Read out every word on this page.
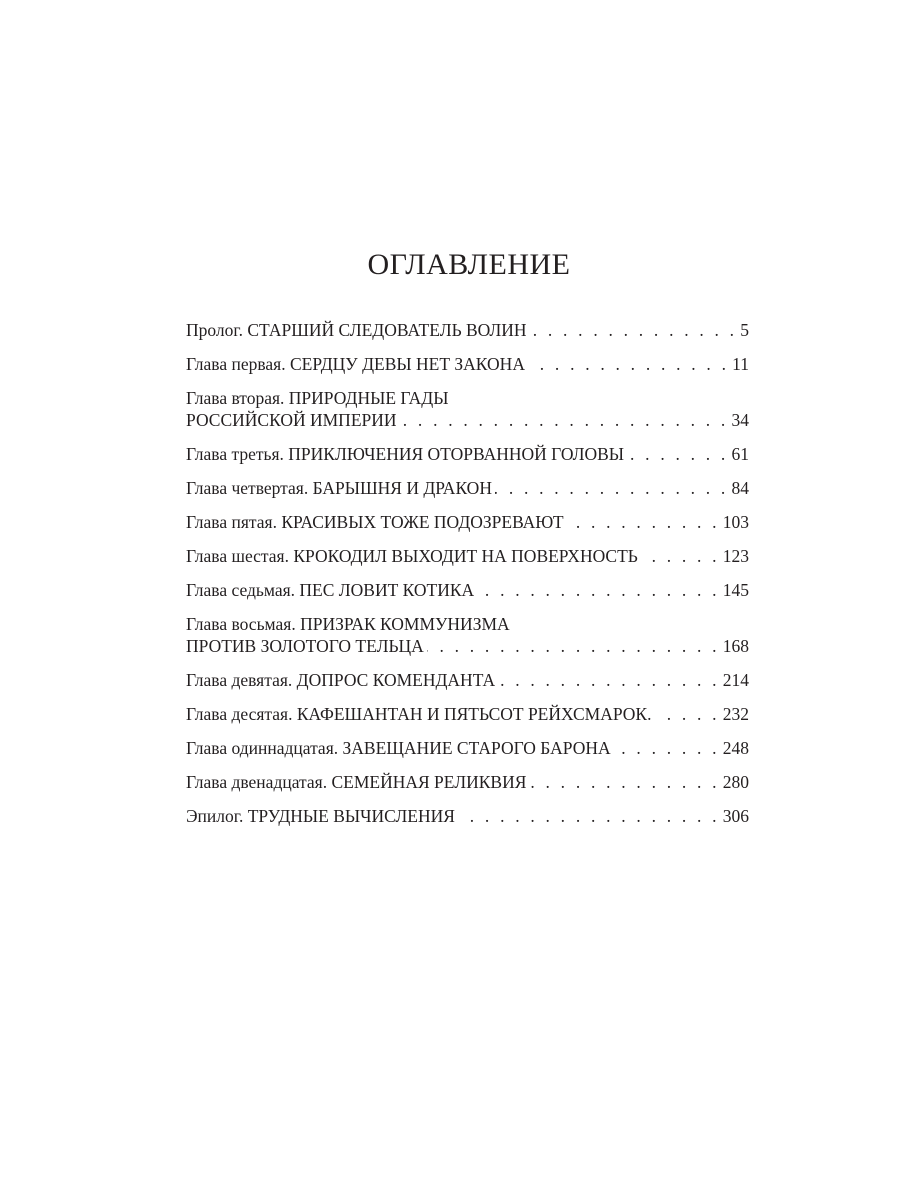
ОГЛАВЛЕНИЕ
Пролог. СТАРШИЙ СЛЕДОВАТЕЛЬ ВОЛИН . . .	5
Глава первая. СЕРДЦУ ДЕВЫ НЕТ ЗАКОНА . . .	11
Глава вторая. ПРИРОДНЫЕ ГАДЫ
РОССИЙСКОЙ ИМПЕРИИ . . .	34
Глава третья. ПРИКЛЮЧЕНИЯ ОТОРВАННОЙ ГОЛОВЫ . . .	61
Глава четвертая. БАРЫШНЯ И ДРАКОН . . .	84
Глава пятая. КРАСИВЫХ ТОЖЕ ПОДОЗРЕВАЮТ . . .	103
Глава шестая. КРОКОДИЛ ВЫХОДИТ НА ПОВЕРХНОСТЬ . . .	123
Глава седьмая. ПЕС ЛОВИТ КОТИКА . . .	145
Глава восьмая. ПРИЗРАК КОММУНИЗМА
ПРОТИВ ЗОЛОТОГО ТЕЛЬЦА . . .	168
Глава девятая. ДОПРОС КОМЕНДАНТА . . .	214
Глава десятая. КАФЕШАНТАН И ПЯТЬСОТ РЕЙХСМАРОК. . . .	232
Глава одиннадцатая. ЗАВЕЩАНИЕ СТАРОГО БАРОНА . . .	248
Глава двенадцатая. СЕМЕЙНАЯ РЕЛИКВИЯ . . .	280
Эпилог. ТРУДНЫЕ ВЫЧИСЛЕНИЯ . . .	306
